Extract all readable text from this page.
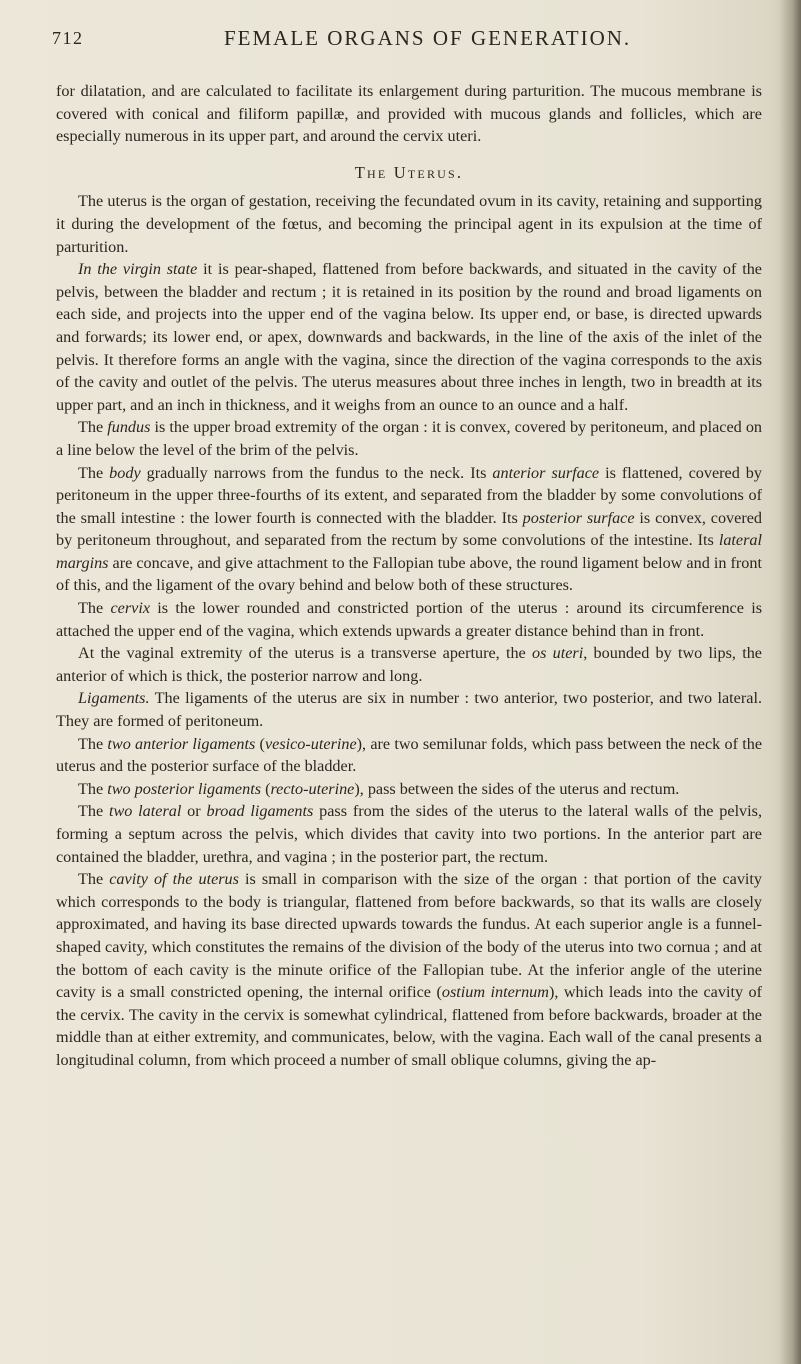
712	FEMALE ORGANS OF GENERATION.

for dilatation, and are calculated to facilitate its enlargement during parturition. The mucous membrane is covered with conical and filiform papillæ, and provided with mucous glands and follicles, which are especially numerous in its upper part, and around the cervix uteri.

The Uterus.

The uterus is the organ of gestation, receiving the fecundated ovum in its cavity, retaining and supporting it during the development of the fœtus, and becoming the principal agent in its expulsion at the time of parturition.

In the virgin state it is pear-shaped, flattened from before backwards, and situated in the cavity of the pelvis, between the bladder and rectum ; it is retained in its position by the round and broad ligaments on each side, and projects into the upper end of the vagina below. Its upper end, or base, is directed upwards and forwards; its lower end, or apex, downwards and backwards, in the line of the axis of the inlet of the pelvis. It therefore forms an angle with the vagina, since the direction of the vagina corresponds to the axis of the cavity and outlet of the pelvis. The uterus measures about three inches in length, two in breadth at its upper part, and an inch in thickness, and it weighs from an ounce to an ounce and a half.

The fundus is the upper broad extremity of the organ : it is convex, covered by peritoneum, and placed on a line below the level of the brim of the pelvis.

The body gradually narrows from the fundus to the neck. Its anterior surface is flattened, covered by peritoneum in the upper three-fourths of its extent, and separated from the bladder by some convolutions of the small intestine : the lower fourth is connected with the bladder. Its posterior surface is convex, covered by peritoneum throughout, and separated from the rectum by some convolutions of the intestine. Its lateral margins are concave, and give attachment to the Fallopian tube above, the round ligament below and in front of this, and the ligament of the ovary behind and below both of these structures.

The cervix is the lower rounded and constricted portion of the uterus : around its circumference is attached the upper end of the vagina, which extends upwards a greater distance behind than in front.

At the vaginal extremity of the uterus is a transverse aperture, the os uteri, bounded by two lips, the anterior of which is thick, the posterior narrow and long.

Ligaments. The ligaments of the uterus are six in number : two anterior, two posterior, and two lateral. They are formed of peritoneum.

The two anterior ligaments (vesico-uterine), are two semilunar folds, which pass between the neck of the uterus and the posterior surface of the bladder.

The two posterior ligaments (recto-uterine), pass between the sides of the uterus and rectum.

The two lateral or broad ligaments pass from the sides of the uterus to the lateral walls of the pelvis, forming a septum across the pelvis, which divides that cavity into two portions. In the anterior part are contained the bladder, urethra, and vagina ; in the posterior part, the rectum.

The cavity of the uterus is small in comparison with the size of the organ : that portion of the cavity which corresponds to the body is triangular, flattened from before backwards, so that its walls are closely approximated, and having its base directed upwards towards the fundus. At each superior angle is a funnel-shaped cavity, which constitutes the remains of the division of the body of the uterus into two cornua ; and at the bottom of each cavity is the minute orifice of the Fallopian tube. At the inferior angle of the uterine cavity is a small constricted opening, the internal orifice (ostium internum), which leads into the cavity of the cervix. The cavity in the cervix is somewhat cylindrical, flattened from before backwards, broader at the middle than at either extremity, and communicates, below, with the vagina. Each wall of the canal presents a longitudinal column, from which proceed a number of small oblique columns, giving the ap-
